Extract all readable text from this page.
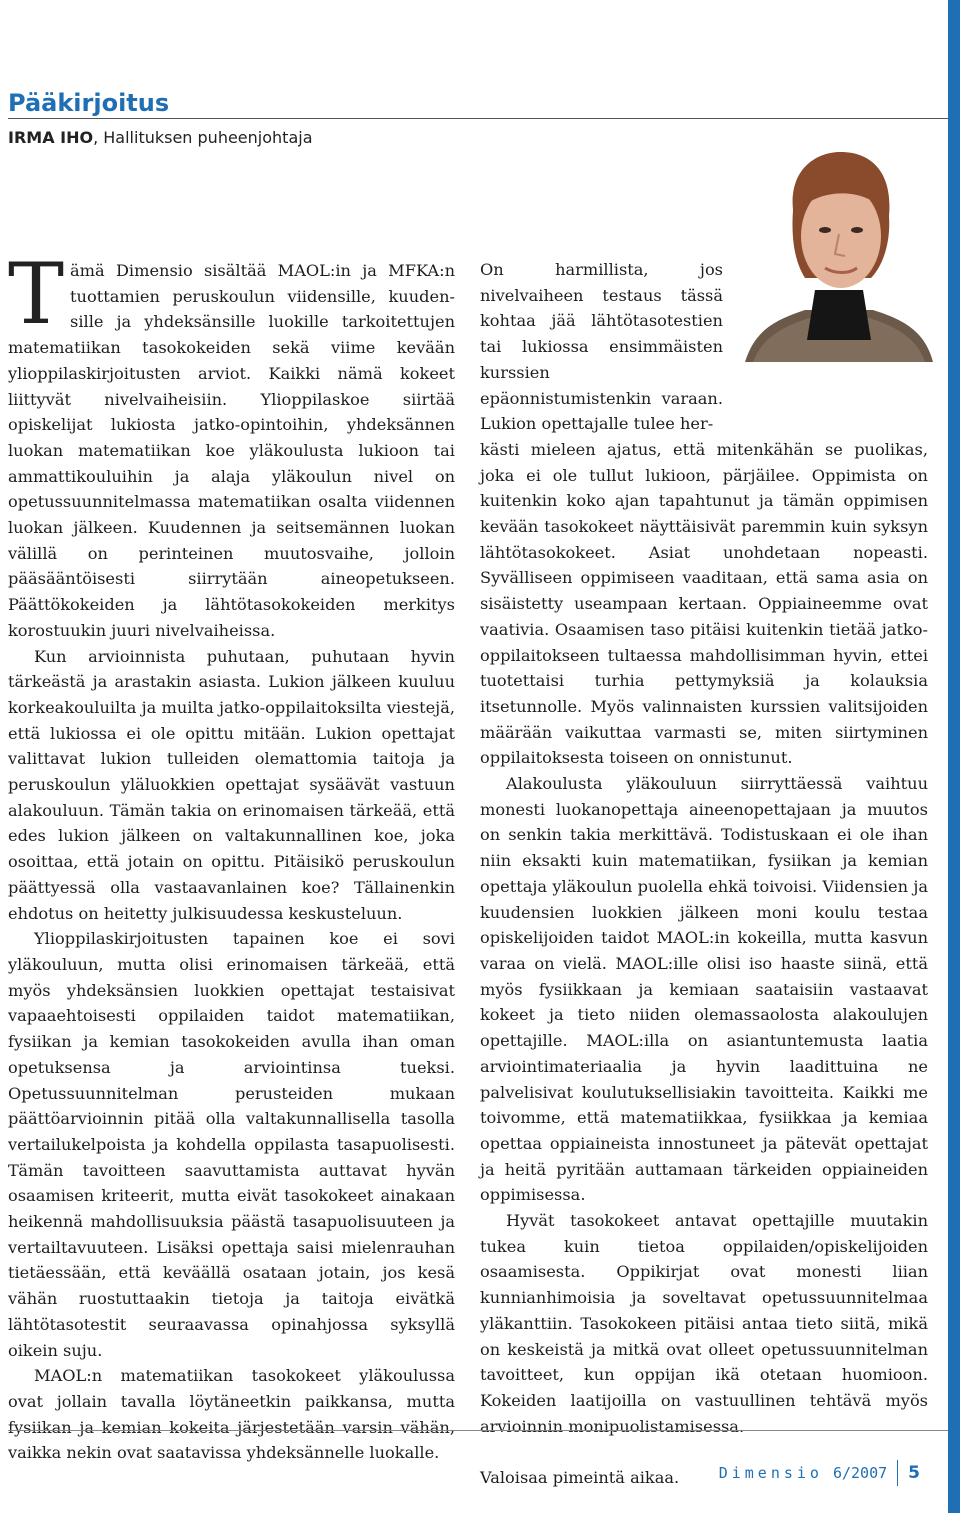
Pääkirjoitus
IRMA IHO, Hallituksen puheenjohtaja

Tämä Dimensio sisältää MAOL:in ja MFKA:n tuottamien peruskoulun viidensille, kuudensille ja yhdeksänsille luokille tarkoitettujen matematiikan tasokokeiden sekä viime kevään ylioppilaskirjoitusten arviot. Kaikki nämä kokeet liittyvät nivelvaiheisiin. Ylioppilaskoe siirtää opiskelijat lukiosta jatko-opintoihin, yhdeksännen luokan matematiikan koe yläkoulusta lukioon tai ammattikouluihin ja alaja yläkoulun nivel on opetussuunnitelmassa matematiikan osalta viidennen luokan jälkeen. Kuudennen ja seitsemännen luokan välillä on perinteinen muutosvaihe, jolloin pääsääntöisesti siirrytään aineopetukseen. Päättökokeiden ja lähtötasokokeiden merkitys korostuukin juuri nivelvaiheissa.

Kun arvioinnista puhutaan, puhutaan hyvin tärkeästä ja arastakin asiasta. Lukion jälkeen kuuluu korkeakouluilta ja muilta jatko-oppilaitoksilta viestejä, että lukiossa ei ole opittu mitään. Lukion opettajat valittavat lukion tulleiden olemattomia taitoja ja peruskoulun yläluokkien opettajat sysäävät vastuun alakouluun. Tämän takia on erinomaisen tärkeää, että edes lukion jälkeen on valtakunnallinen koe, joka osoittaa, että jotain on opittu. Pitäisikö peruskoulun päättyessä olla vastaavanlainen koe? Tällainenkin ehdotus on heitetty julkisuudessa keskusteluun.

Ylioppilaskirjoitusten tapainen koe ei sovi yläkouluun, mutta olisi erinomaisen tärkeää, että myös yhdeksänsien luokkien opettajat testaisivat vapaaehtoisesti oppilaiden taidot matematiikan, fysiikan ja kemian tasokokeiden avulla ihan oman opetuksensa ja arviointinsa tueksi. Opetussuunnitelman perusteiden mukaan päättöarvioinnin pitää olla valtakunnallisella tasolla vertailukelpoista ja kohdella oppilasta tasapuolisesti. Tämän tavoitteen saavuttamista auttavat hyvän osaamisen kriteerit, mutta eivät tasokokeet ainakaan heikennä mahdollisuuksia päästä tasapuolisuuteen ja vertailtavuuteen. Lisäksi opettaja saisi mielenrauhan tietäessään, että keväällä osataan jotain, jos kesä vähän ruostuttaakin tietoja ja taitoja eivätkä lähtötasotestit seuraavassa opinahjossa syksyllä oikein suju.

MAOL:n matematiikan tasokokeet yläkoulussa ovat jollain tavalla löytäneetkin paikkansa, mutta fysiikan ja kemian kokeita järjestetään varsin vähän, vaikka nekin ovat saatavissa yhdeksännelle luokalle.

On harmillista, jos nivelvaiheen testaus tässä kohtaa jää lähtötasotestien tai lukiossa ensimmäisten kurssien epäonnistumistenkin varaan. Lukion opettajalle tulee her-

kästi mieleen ajatus, että mitenkähän se puolikas, joka ei ole tullut lukioon, pärjäilee. Oppimista on kuitenkin koko ajan tapahtunut ja tämän oppimisen kevään tasokokeet näyttäisivät paremmin kuin syksyn lähtötasokokeet. Asiat unohdetaan nopeasti. Syvälliseen oppimiseen vaaditaan, että sama asia on sisäistetty useampaan kertaan. Oppiaineemme ovat vaativia. Osaamisen taso pitäisi kuitenkin tietää jatko-oppilaitokseen tultaessa mahdollisimman hyvin, ettei tuotettaisi turhia pettymyksiä ja kolauksia itsetunnolle. Myös valinnaisten kurssien valitsijoiden määrään vaikuttaa varmasti se, miten siirtyminen oppilaitoksesta toiseen on onnistunut.

Alakoulusta yläkouluun siirryttäessä vaihtuu monesti luokanopettaja aineenopettajaan ja muutos on senkin takia merkittävä. Todistuskaan ei ole ihan niin eksakti kuin matematiikan, fysiikan ja kemian opettaja yläkoulun puolella ehkä toivoisi. Viidensien ja kuudensien luokkien jälkeen moni koulu testaa opiskelijoiden taidot MAOL:in kokeilla, mutta kasvun varaa on vielä. MAOL:ille olisi iso haaste siinä, että myös fysiikkaan ja kemiaan saataisiin vastaavat kokeet ja tieto niiden olemassaolosta alakoulujen opettajille. MAOL:illa on asiantuntemusta laatia arviointimateriaalia ja hyvin laadittuina ne palvelisivat koulutuksellisiakin tavoitteita. Kaikki me toivomme, että matematiikkaa, fysiikkaa ja kemiaa opettaa oppiaineista innostuneet ja pätevät opettajat ja heitä pyritään auttamaan tärkeiden oppiaineiden oppimisessa.

Hyvät tasokokeet antavat opettajille muutakin tukea kuin tietoa oppilaiden/opiskelijoiden osaamisesta. Oppikirjat ovat monesti liian kunnianhimoisia ja soveltavat opetussuunnitelmaa yläkanttiin. Tasokokeen pitäisi antaa tieto siitä, mikä on keskeistä ja mitkä ovat olleet opetussuunnitelman tavoitteet, kun oppijan ikä otetaan huomioon. Kokeiden laatijoilla on vastuullinen tehtävä myös arvioinnin monipuolistamisessa.

Valoisaa pimeintä aikaa.	Dimensio 6/2007 5
